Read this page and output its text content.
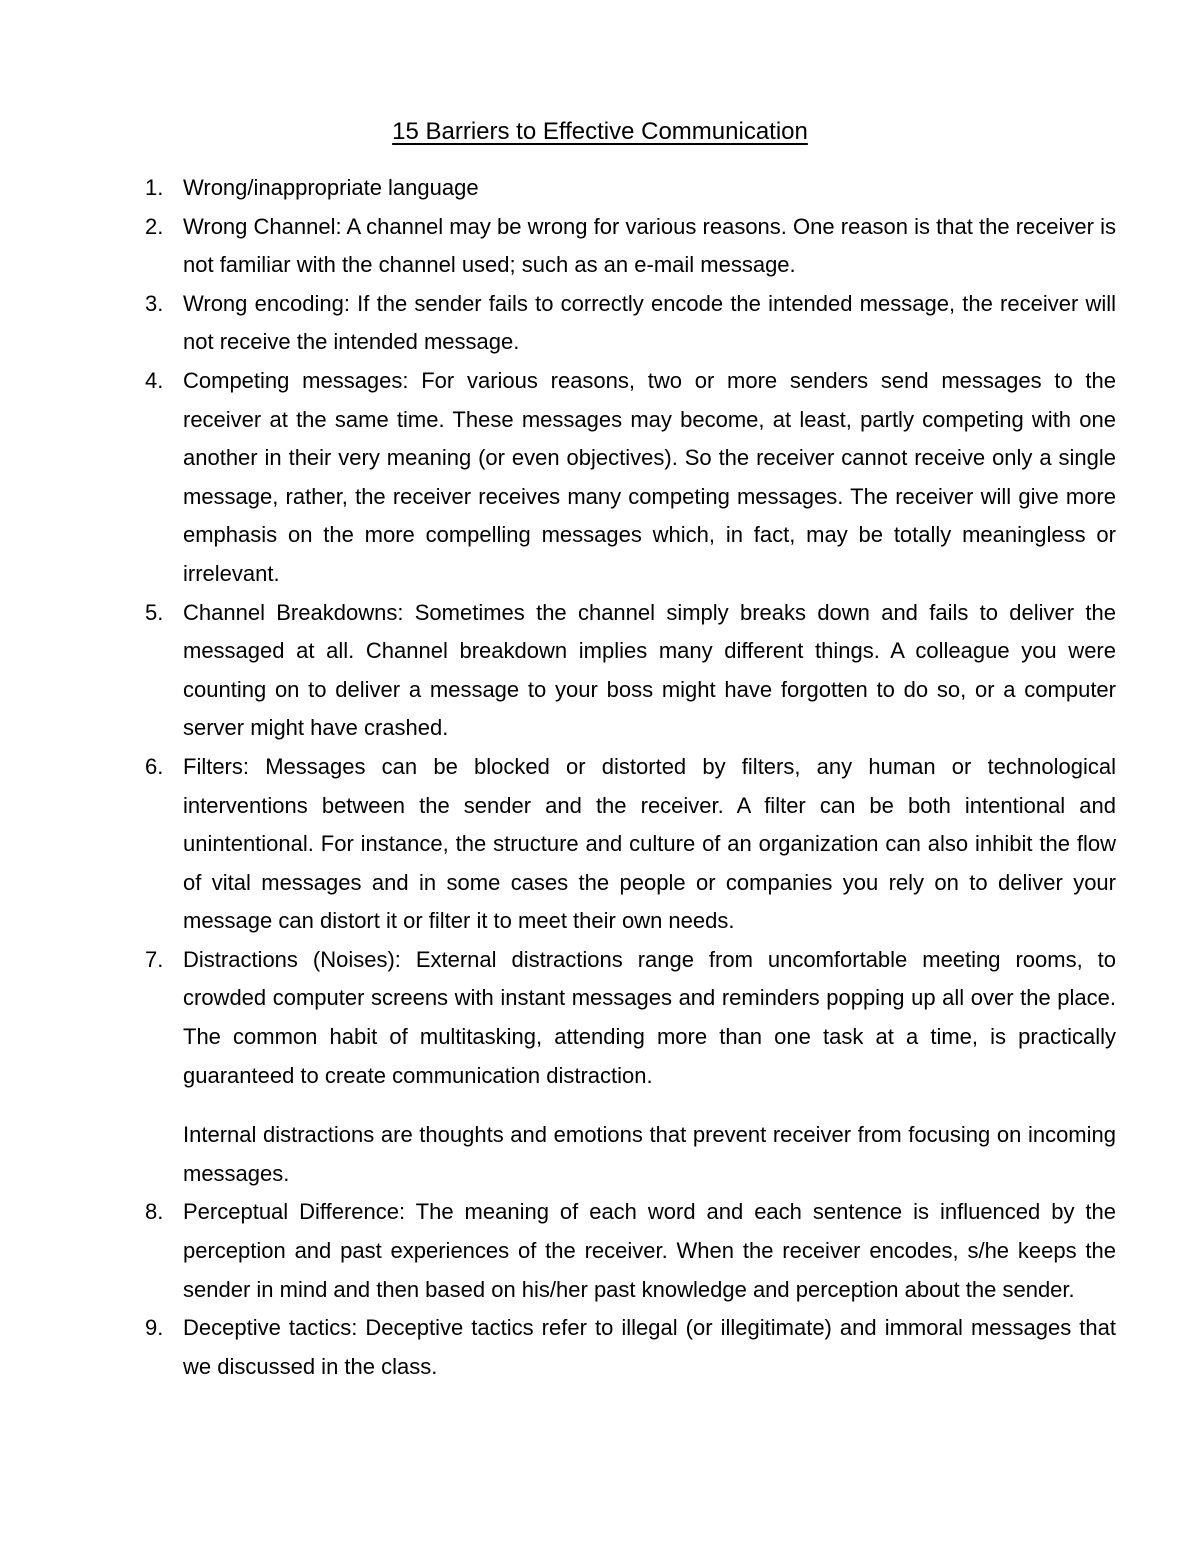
15 Barriers to Effective Communication
1. Wrong/inappropriate language
2. Wrong Channel: A channel may be wrong for various reasons. One reason is that the receiver is not familiar with the channel used; such as an e-mail message.
3. Wrong encoding: If the sender fails to correctly encode the intended message, the receiver will not receive the intended message.
4. Competing messages: For various reasons, two or more senders send messages to the receiver at the same time. These messages may become, at least, partly competing with one another in their very meaning (or even objectives). So the receiver cannot receive only a single message, rather, the receiver receives many competing messages. The receiver will give more emphasis on the more compelling messages which, in fact, may be totally meaningless or irrelevant.
5. Channel Breakdowns: Sometimes the channel simply breaks down and fails to deliver the messaged at all. Channel breakdown implies many different things. A colleague you were counting on to deliver a message to your boss might have forgotten to do so, or a computer server might have crashed.
6. Filters: Messages can be blocked or distorted by filters, any human or technological interventions between the sender and the receiver. A filter can be both intentional and unintentional. For instance, the structure and culture of an organization can also inhibit the flow of vital messages and in some cases the people or companies you rely on to deliver your message can distort it or filter it to meet their own needs.
7. Distractions (Noises): External distractions range from uncomfortable meeting rooms, to crowded computer screens with instant messages and reminders popping up all over the place. The common habit of multitasking, attending more than one task at a time, is practically guaranteed to create communication distraction.
Internal distractions are thoughts and emotions that prevent receiver from focusing on incoming messages.
8. Perceptual Difference: The meaning of each word and each sentence is influenced by the perception and past experiences of the receiver. When the receiver encodes, s/he keeps the sender in mind and then based on his/her past knowledge and perception about the sender.
9. Deceptive tactics: Deceptive tactics refer to illegal (or illegitimate) and immoral messages that we discussed in the class.
